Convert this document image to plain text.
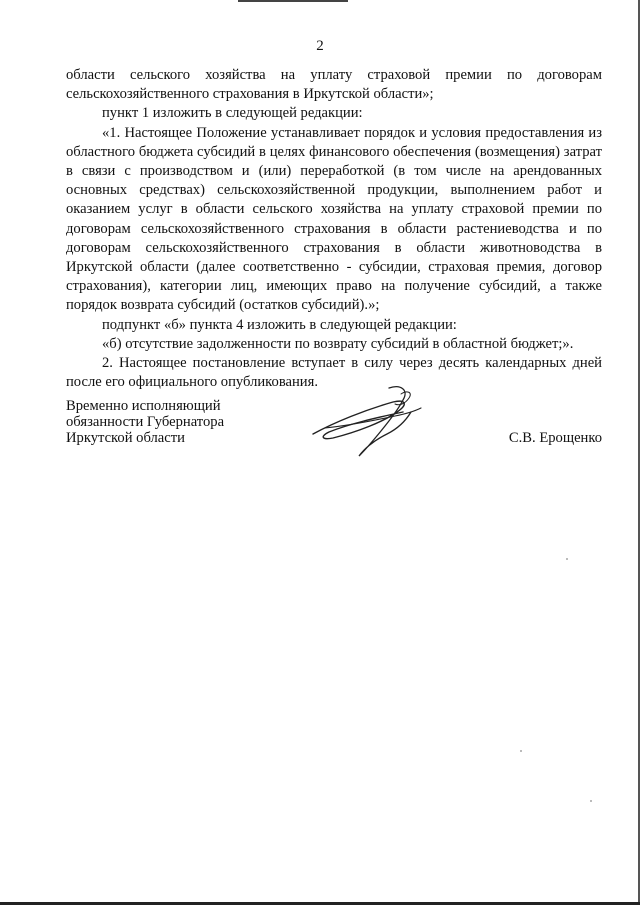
2

области сельского хозяйства на уплату страховой премии по договорам сельскохозяйственного страхования в Иркутской области»;

пункт 1 изложить в следующей редакции:

«1. Настоящее Положение устанавливает порядок и условия предоставления из областного бюджета субсидий в целях финансового обеспечения (возмещения) затрат в связи с производством и (или) переработкой (в том числе на арендованных основных средствах) сельскохозяйственной продукции, выполнением работ и оказанием услуг в области сельского хозяйства на уплату страховой премии по договорам сельскохозяйственного страхования в области растениеводства и по договорам сельскохозяйственного страхования в области животноводства в Иркутской области (далее соответственно - субсидии, страховая премия, договор страхования), категории лиц, имеющих право на получение субсидий, а также порядок возврата субсидий (остатков субсидий).»;

подпункт «б» пункта 4 изложить в следующей редакции:

«б) отсутствие задолженности по возврату субсидий в областной бюджет;».

2. Настоящее постановление вступает в силу через десять календарных дней после его официального опубликования.

Временно исполняющий
обязанности Губернатора
Иркутской области	С.В. Ерощенко
